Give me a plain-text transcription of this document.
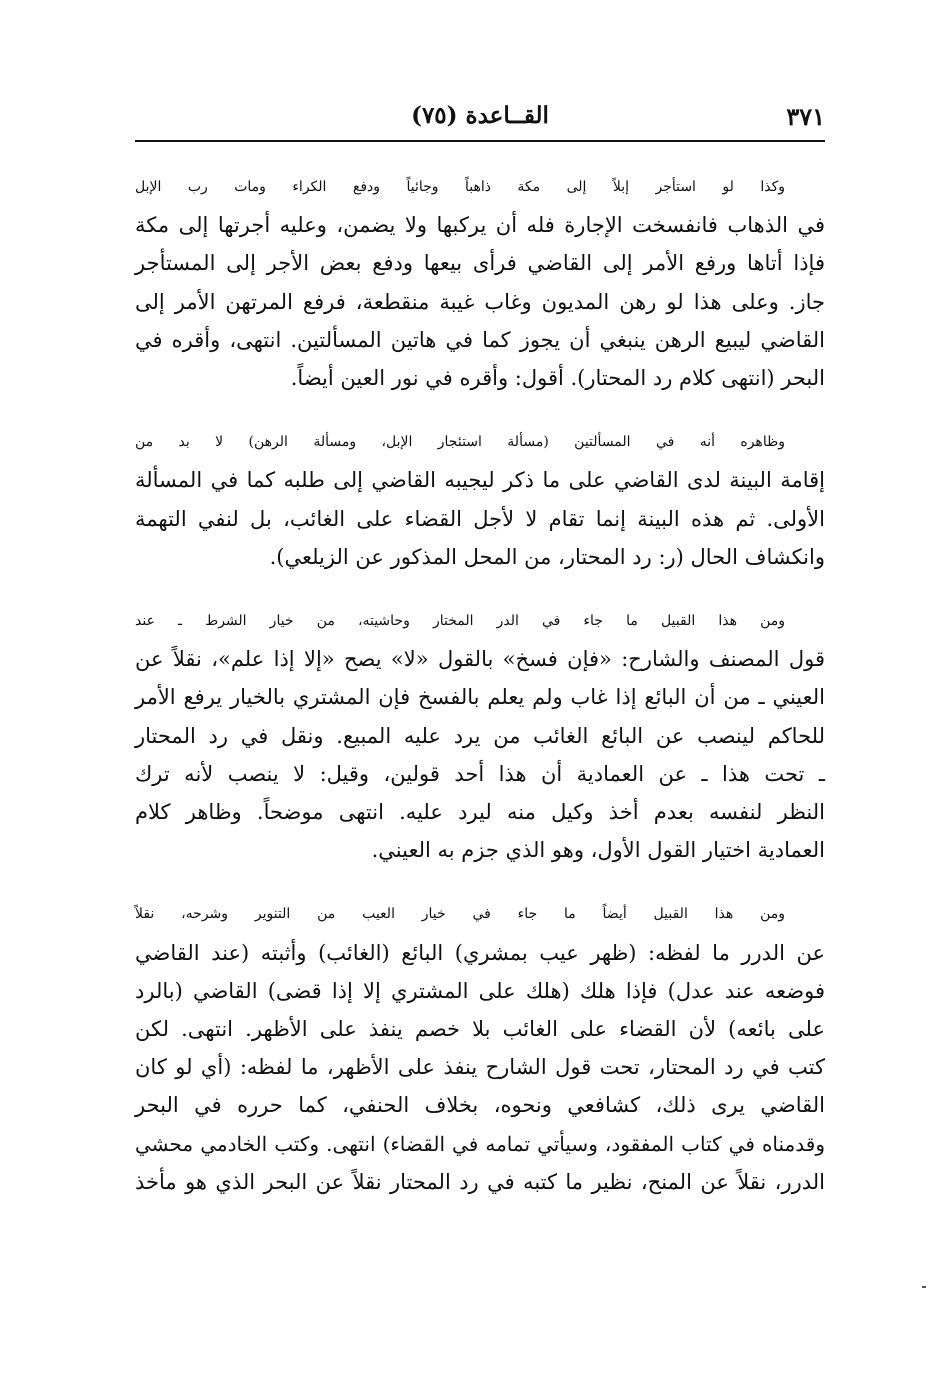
٣٧١
القــاعدة (٧٥)

وكذا لو استأجر إبلاً إلى مكة ذاهباً وجائياً ودفع الكراء ومات رب الإبل
في الذهاب فانفسخت الإجارة فله أن يركبها ولا يضمن، وعليه أجرتها إلى مكة
فإذا أتاها ورفع الأمر إلى القاضي فرأى بيعها ودفع بعض الأجر إلى المستأجر
جاز. وعلى هذا لو رهن المديون وغاب غيبة منقطعة، فرفع المرتهن الأمر إلى
القاضي ليبيع الرهن ينبغي أن يجوز كما في هاتين المسألتين. انتهى، وأقره في
البحر (انتهى كلام رد المحتار). أقول: وأقره في نور العين أيضاً.

وظاهره أنه في المسألتين (مسألة استئجار الإبل، ومسألة الرهن) لا بد من
إقامة البينة لدى القاضي على ما ذكر ليجيبه القاضي إلى طلبه كما في المسألة
الأولى. ثم هذه البينة إنما تقام لا لأجل القضاء على الغائب، بل لنفي التهمة
وانكشاف الحال (ر: رد المحتار، من المحل المذكور عن الزيلعي).

ومن هذا القبيل ما جاء في الدر المختار وحاشيته، من خيار الشرط ـ عند
قول المصنف والشارح: «فإن فسخ» بالقول «لا» يصح «إلا إذا علم»، نقلاً عن
العيني ـ من أن البائع إذا غاب ولم يعلم بالفسخ فإن المشتري بالخيار يرفع الأمر
للحاكم لينصب عن البائع الغائب من يرد عليه المبيع. ونقل في رد المحتار
ـ تحت هذا ـ عن العمادية أن هذا أحد قولين، وقيل: لا ينصب لأنه ترك
النظر لنفسه بعدم أخذ وكيل منه ليرد عليه. انتهى موضحاً. وظاهر كلام
العمادية اختيار القول الأول، وهو الذي جزم به العيني.

ومن هذا القبيل أيضاً ما جاء في خيار العيب من التنوير وشرحه، نقلاً
عن الدرر ما لفظه: (ظهر عيب بمشري) البائع (الغائب) وأثبته (عند القاضي
فوضعه عند عدل) فإذا هلك (هلك على المشتري إلا إذا قضى) القاضي (بالرد
على بائعه) لأن القضاء على الغائب بلا خصم ينفذ على الأظهر. انتهى. لكن
كتب في رد المحتار، تحت قول الشارح ينفذ على الأظهر، ما لفظه: (أي لو كان
القاضي يرى ذلك، كشافعي ونحوه، بخلاف الحنفي، كما حرره في البحر
وقدمناه في كتاب المفقود، وسيأتي تمامه في القضاء) انتهى. وكتب الخادمي محشي
الدرر، نقلاً عن المنح، نظير ما كتبه في رد المحتار نقلاً عن البحر الذي هو مأخذ
